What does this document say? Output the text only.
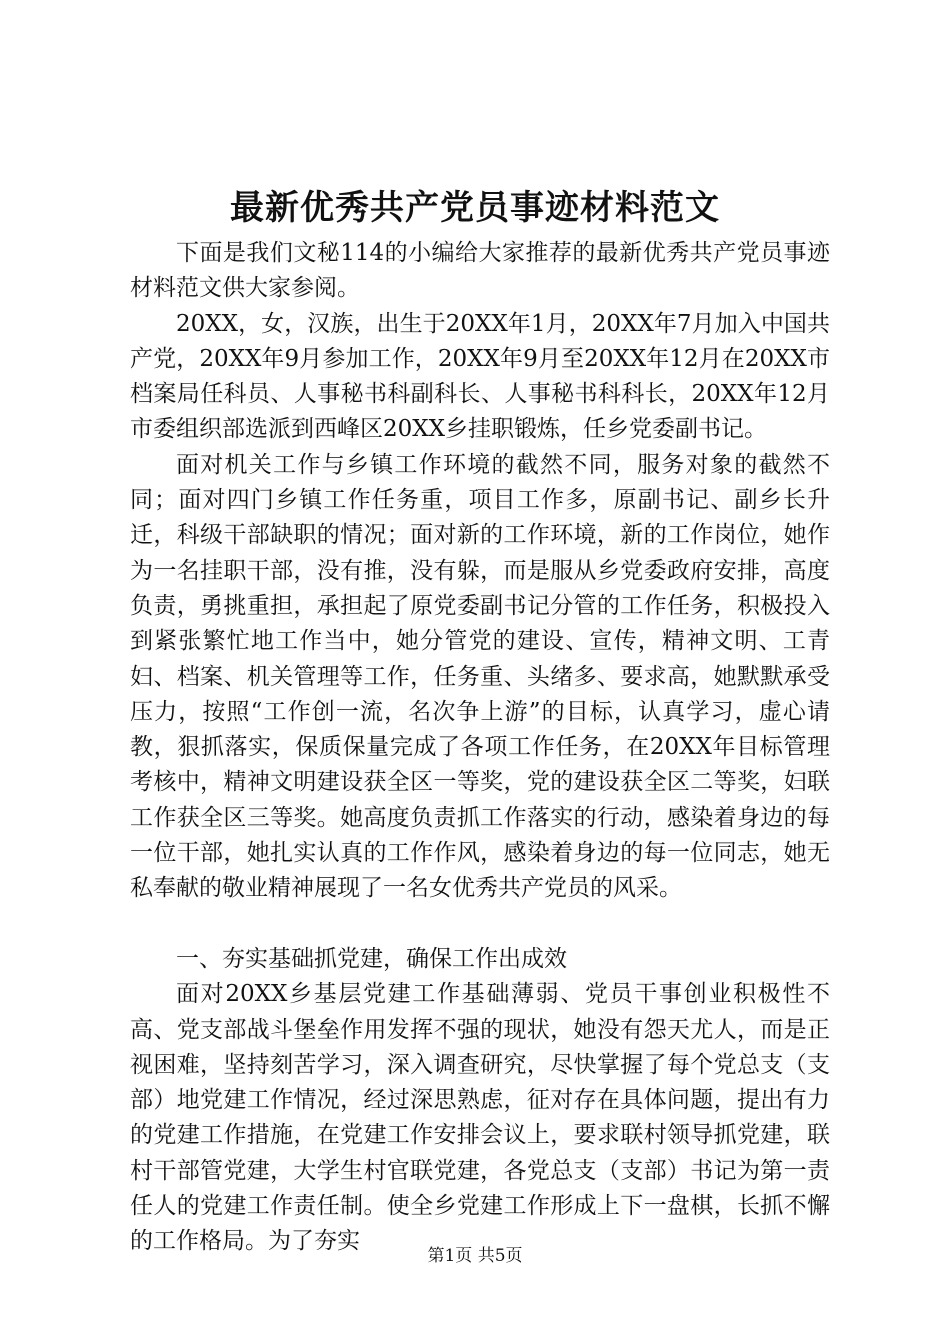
最新优秀共产党员事迹材料范文

下面是我们文秘114的小编给大家推荐的最新优秀共产党员事迹材料范文供大家参阅。

20XX，女，汉族，出生于20XX年1月，20XX年7月加入中国共产党，20XX年9月参加工作，20XX年9月至20XX年12月在20XX市档案局任科员、人事秘书科副科长、人事秘书科科长，20XX年12月市委组织部选派到西峰区20XX乡挂职锻炼，任乡党委副书记。

面对机关工作与乡镇工作环境的截然不同，服务对象的截然不同；面对四门乡镇工作任务重，项目工作多，原副书记、副乡长升迁，科级干部缺职的情况；面对新的工作环境，新的工作岗位，她作为一名挂职干部，没有推，没有躲，而是服从乡党委政府安排，高度负责，勇挑重担，承担起了原党委副书记分管的工作任务，积极投入到紧张繁忙地工作当中，她分管党的建设、宣传，精神文明、工青妇、档案、机关管理等工作，任务重、头绪多、要求高，她默默承受压力，按照“工作创一流，名次争上游”的目标，认真学习，虚心请教，狠抓落实，保质保量完成了各项工作任务，在20XX年目标管理考核中，精神文明建设获全区一等奖，党的建设获全区二等奖，妇联工作获全区三等奖。她高度负责抓工作落实的行动，感染着身边的每一位干部，她扎实认真的工作作风，感染着身边的每一位同志，她无私奉献的敬业精神展现了一名女优秀共产党员的风采。

一、夯实基础抓党建，确保工作出成效

面对20XX乡基层党建工作基础薄弱、党员干事创业积极性不高、党支部战斗堡垒作用发挥不强的现状，她没有怨天尤人，而是正视困难，坚持刻苦学习，深入调查研究，尽快掌握了每个党总支（支部）地党建工作情况，经过深思熟虑，征对存在具体问题，提出有力的党建工作措施，在党建工作安排会议上，要求联村领导抓党建，联村干部管党建，大学生村官联党建，各党总支（支部）书记为第一责任人的党建工作责任制。使全乡党建工作形成上下一盘棋，长抓不懈的工作格局。为了夯实

第1页 共5页
